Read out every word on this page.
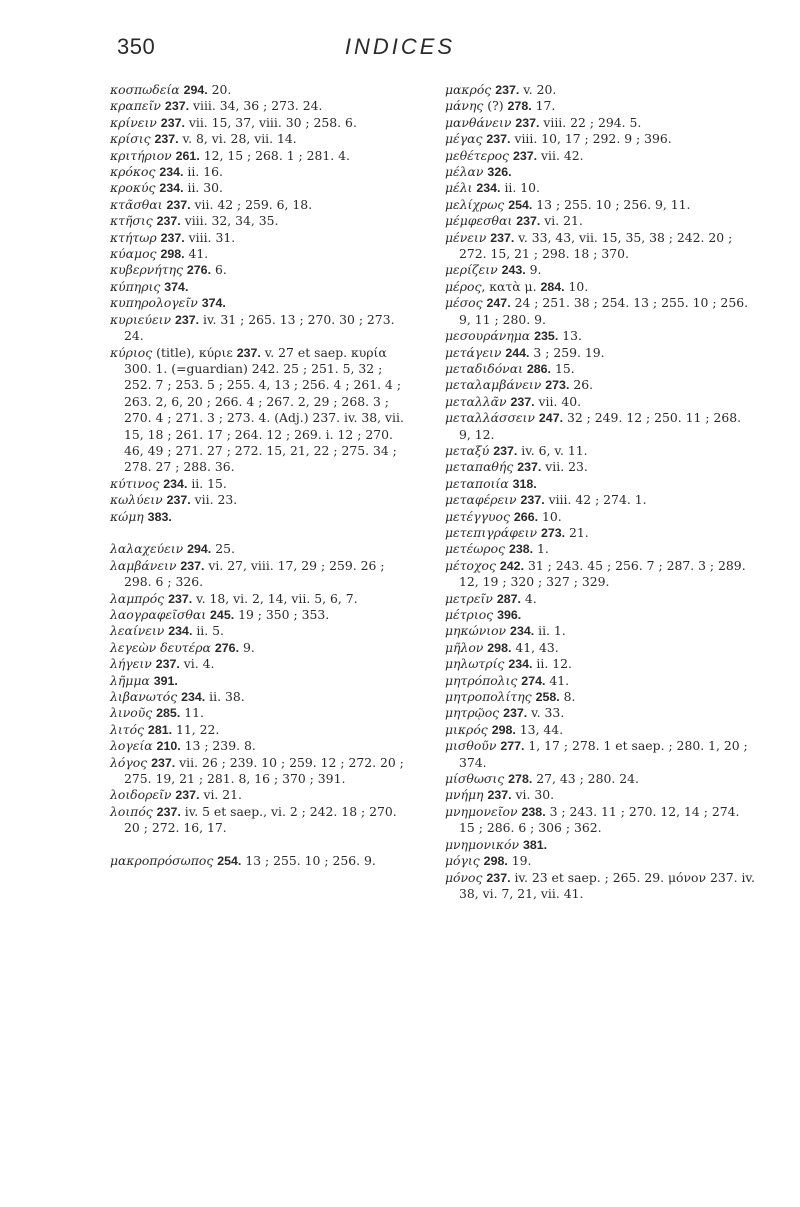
350	INDICES

κοσπωδεία 294. 20.

κραπεῖν 237. viii. 34, 36 ; 273. 24.

κρίνειν 237. vii. 15, 37, viii. 30 ; 258. 6.

κρίσις 237. v. 8, vi. 28, vii. 14.

κριτήριον 261. 12, 15 ; 268. 1 ; 281. 4.

κρόκος 234. ii. 16.

κροκύς 234. ii. 30.

κτᾶσθαι 237. vii. 42 ; 259. 6, 18.

κτῆσις 237. viii. 32, 34, 35.

κτήτωρ 237. viii. 31.

κύαμος 298. 41.

κυβερνήτης 276. 6.

κύπηρις 374.

κυπηρολογεῖν 374.

κυριεύειν 237. iv. 31 ; 265. 13 ; 270. 30 ; 273. 24.

κύριος (title), κύριε 237. v. 27 et saep. κυρία 300. 1. (=guardian) 242. 25 ; 251. 5, 32 ; 252. 7 ; 253. 5 ; 255. 4, 13 ; 256. 4 ; 261. 4 ; 263. 2, 6, 20 ; 266. 4 ; 267. 2, 29 ; 268. 3 ; 270. 4 ; 271. 3 ; 273. 4. (Adj.) 237. iv. 38, vii. 15, 18 ; 261. 17 ; 264. 12 ; 269. i. 12 ; 270. 46, 49 ; 271. 27 ; 272. 15, 21, 22 ; 275. 34 ; 278. 27 ; 288. 36.

κύτινος 234. ii. 15.

κωλύειν 237. vii. 23.

κώμη 383.

λαλαχεύειν 294. 25.

λαμβάνειν 237. vi. 27, viii. 17, 29 ; 259. 26 ; 298. 6 ; 326.

λαμπρός 237. v. 18, vi. 2, 14, vii. 5, 6, 7.

λαογραφεῖσθαι 245. 19 ; 350 ; 353.

λεαίνειν 234. ii. 5.

λεγεὼν δευτέρα 276. 9.

λήγειν 237. vi. 4.

λῆμμα 391.

λιβανωτός 234. ii. 38.

λινοῦς 285. 11.

λιτός 281. 11, 22.

λογεία 210. 13 ; 239. 8.

λόγος 237. vii. 26 ; 239. 10 ; 259. 12 ; 272. 20 ; 275. 19, 21 ; 281. 8, 16 ; 370 ; 391.

λοιδορεῖν 237. vi. 21.

λοιπός 237. iv. 5 et saep., vi. 2 ; 242. 18 ; 270. 20 ; 272. 16, 17.

μακροπρόσωπος 254. 13 ; 255. 10 ; 256. 9.

μακρός 237. v. 20.

μάνης (?) 278. 17.

μανθάνειν 237. viii. 22 ; 294. 5.

μέγας 237. viii. 10, 17 ; 292. 9 ; 396.

μεθέτερος 237. vii. 42.

μέλαν 326.

μέλι 234. ii. 10.

μελίχρως 254. 13 ; 255. 10 ; 256. 9, 11.

μέμφεσθαι 237. vi. 21.

μένειν 237. v. 33, 43, vii. 15, 35, 38 ; 242. 20 ; 272. 15, 21 ; 298. 18 ; 370.

μερίζειν 243. 9.

μέρος, κατὰ μ. 284. 10.

μέσος 247. 24 ; 251. 38 ; 254. 13 ; 255. 10 ; 256. 9, 11 ; 280. 9.

μεσουράνημα 235. 13.

μετάγειν 244. 3 ; 259. 19.

μεταδιδόναι 286. 15.

μεταλαμβάνειν 273. 26.

μεταλλᾶν 237. vii. 40.

μεταλλάσσειν 247. 32 ; 249. 12 ; 250. 11 ; 268. 9, 12.

μεταξύ 237. iv. 6, v. 11.

μεταπαθής 237. vii. 23.

μεταποιία 318.

μεταφέρειν 237. viii. 42 ; 274. 1.

μετέγγυος 266. 10.

μετεπιγράφειν 273. 21.

μετέωρος 238. 1.

μέτοχος 242. 31 ; 243. 45 ; 256. 7 ; 287. 3 ; 289. 12, 19 ; 320 ; 327 ; 329.

μετρεῖν 287. 4.

μέτριος 396.

μηκώνιον 234. ii. 1.

μῆλον 298. 41, 43.

μηλωτρίς 234. ii. 12.

μητρόπολις 274. 41.

μητροπολίτης 258. 8.

μητρῷος 237. v. 33.

μικρός 298. 13, 44.

μισθοῦν 277. 1, 17 ; 278. 1 et saep. ; 280. 1, 20 ; 374.

μίσθωσις 278. 27, 43 ; 280. 24.

μνήμη 237. vi. 30.

μνημονεῖον 238. 3 ; 243. 11 ; 270. 12, 14 ; 274. 15 ; 286. 6 ; 306 ; 362.

μνημονικόν 381.

μόγις 298. 19.

μόνος 237. iv. 23 et saep. ; 265. 29. μόνον 237. iv. 38, vi. 7, 21, vii. 41.
